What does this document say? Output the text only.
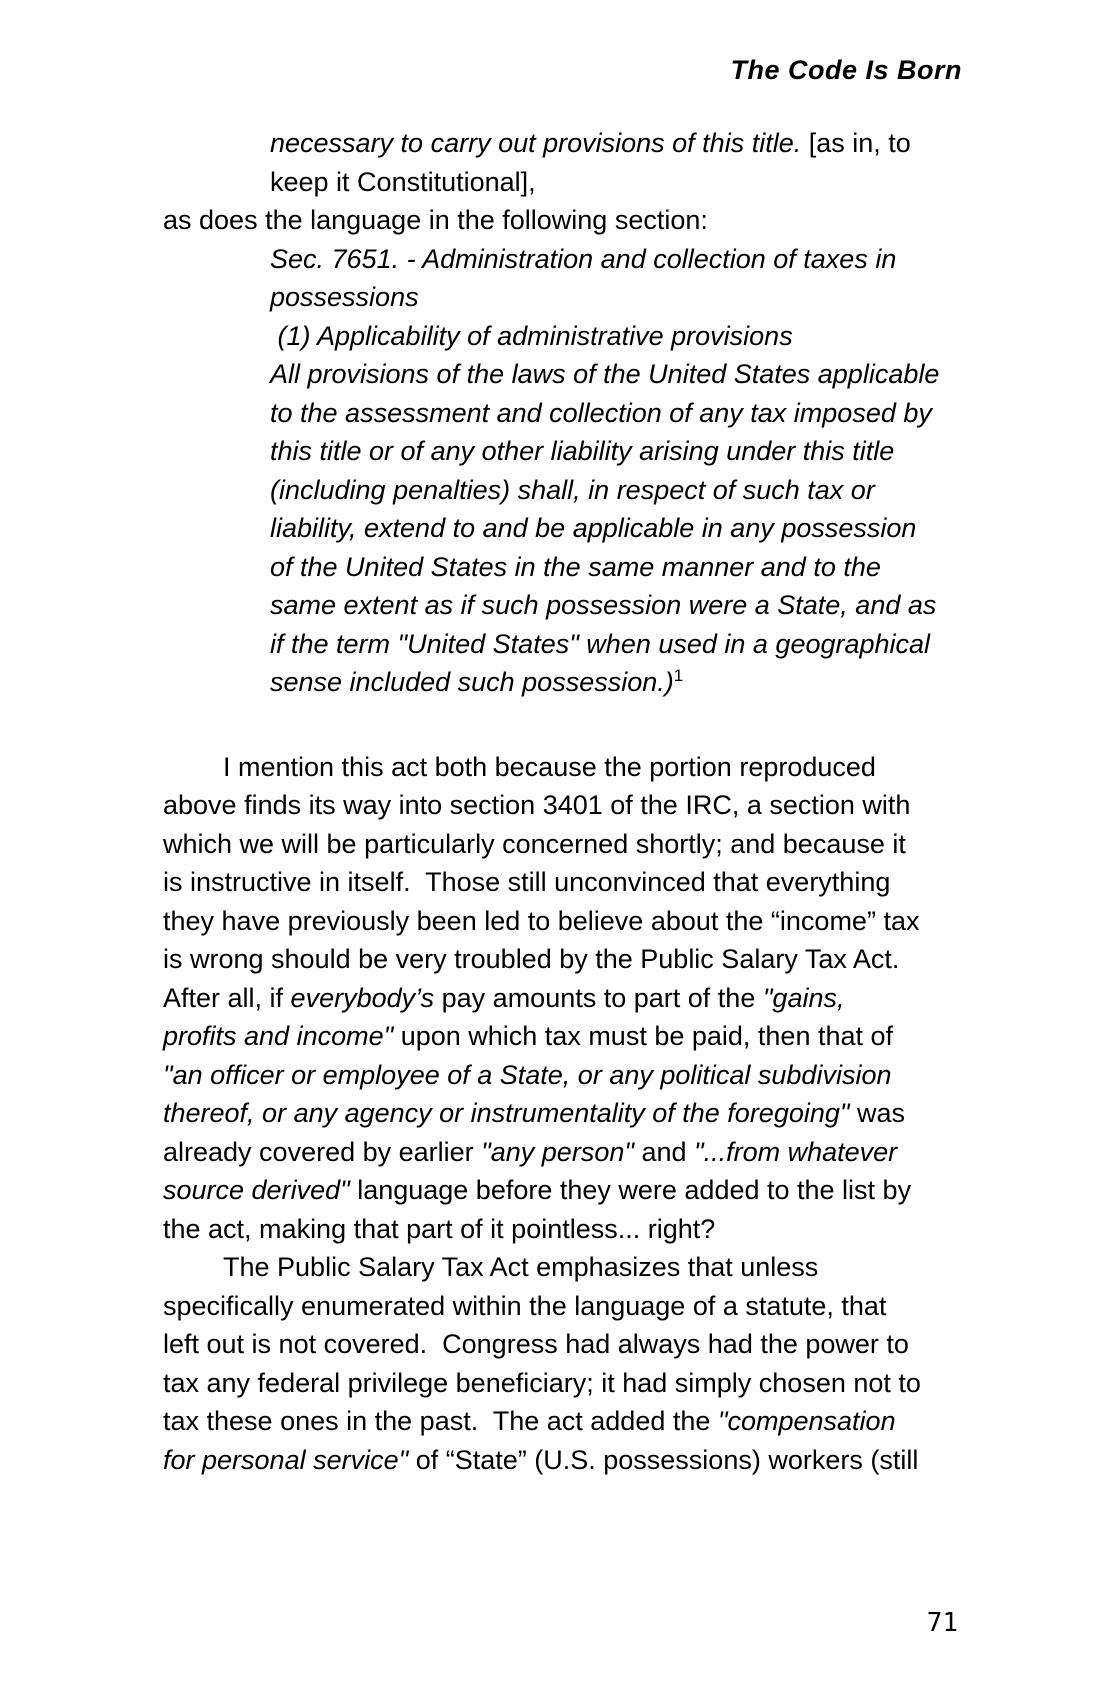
The Code Is Born
necessary to carry out provisions of this title. [as in, to
keep it Constitutional],
as does the language in the following section:
Sec. 7651. - Administration and collection of taxes in
possessions
(1) Applicability of administrative provisions
All provisions of the laws of the United States applicable
to the assessment and collection of any tax imposed by
this title or of any other liability arising under this title
(including penalties) shall, in respect of such tax or
liability, extend to and be applicable in any possession
of the United States in the same manner and to the
same extent as if such possession were a State, and as
if the term "United States" when used in a geographical
sense included such possession.)$^1$
I mention this act both because the portion reproduced
above finds its way into section 3401 of the IRC, a section with
which we will be particularly concerned shortly; and because it
is instructive in itself.  Those still unconvinced that everything
they have previously been led to believe about the “income” tax
is wrong should be very troubled by the Public Salary Tax Act.
After all, if everybody’s pay amounts to part of the "gains,
profits and income" upon which tax must be paid, then that of
"an officer or employee of a State, or any political subdivision
thereof, or any agency or instrumentality of the foregoing" was
already covered by earlier "any person" and "...from whatever
source derived" language before they were added to the list by
the act, making that part of it pointless... right?
The Public Salary Tax Act emphasizes that unless
specifically enumerated within the language of a statute, that
left out is not covered.  Congress had always had the power to
tax any federal privilege beneficiary; it had simply chosen not to
tax these ones in the past.  The act added the "compensation
for personal service" of “State” (U.S. possessions) workers (still
71
